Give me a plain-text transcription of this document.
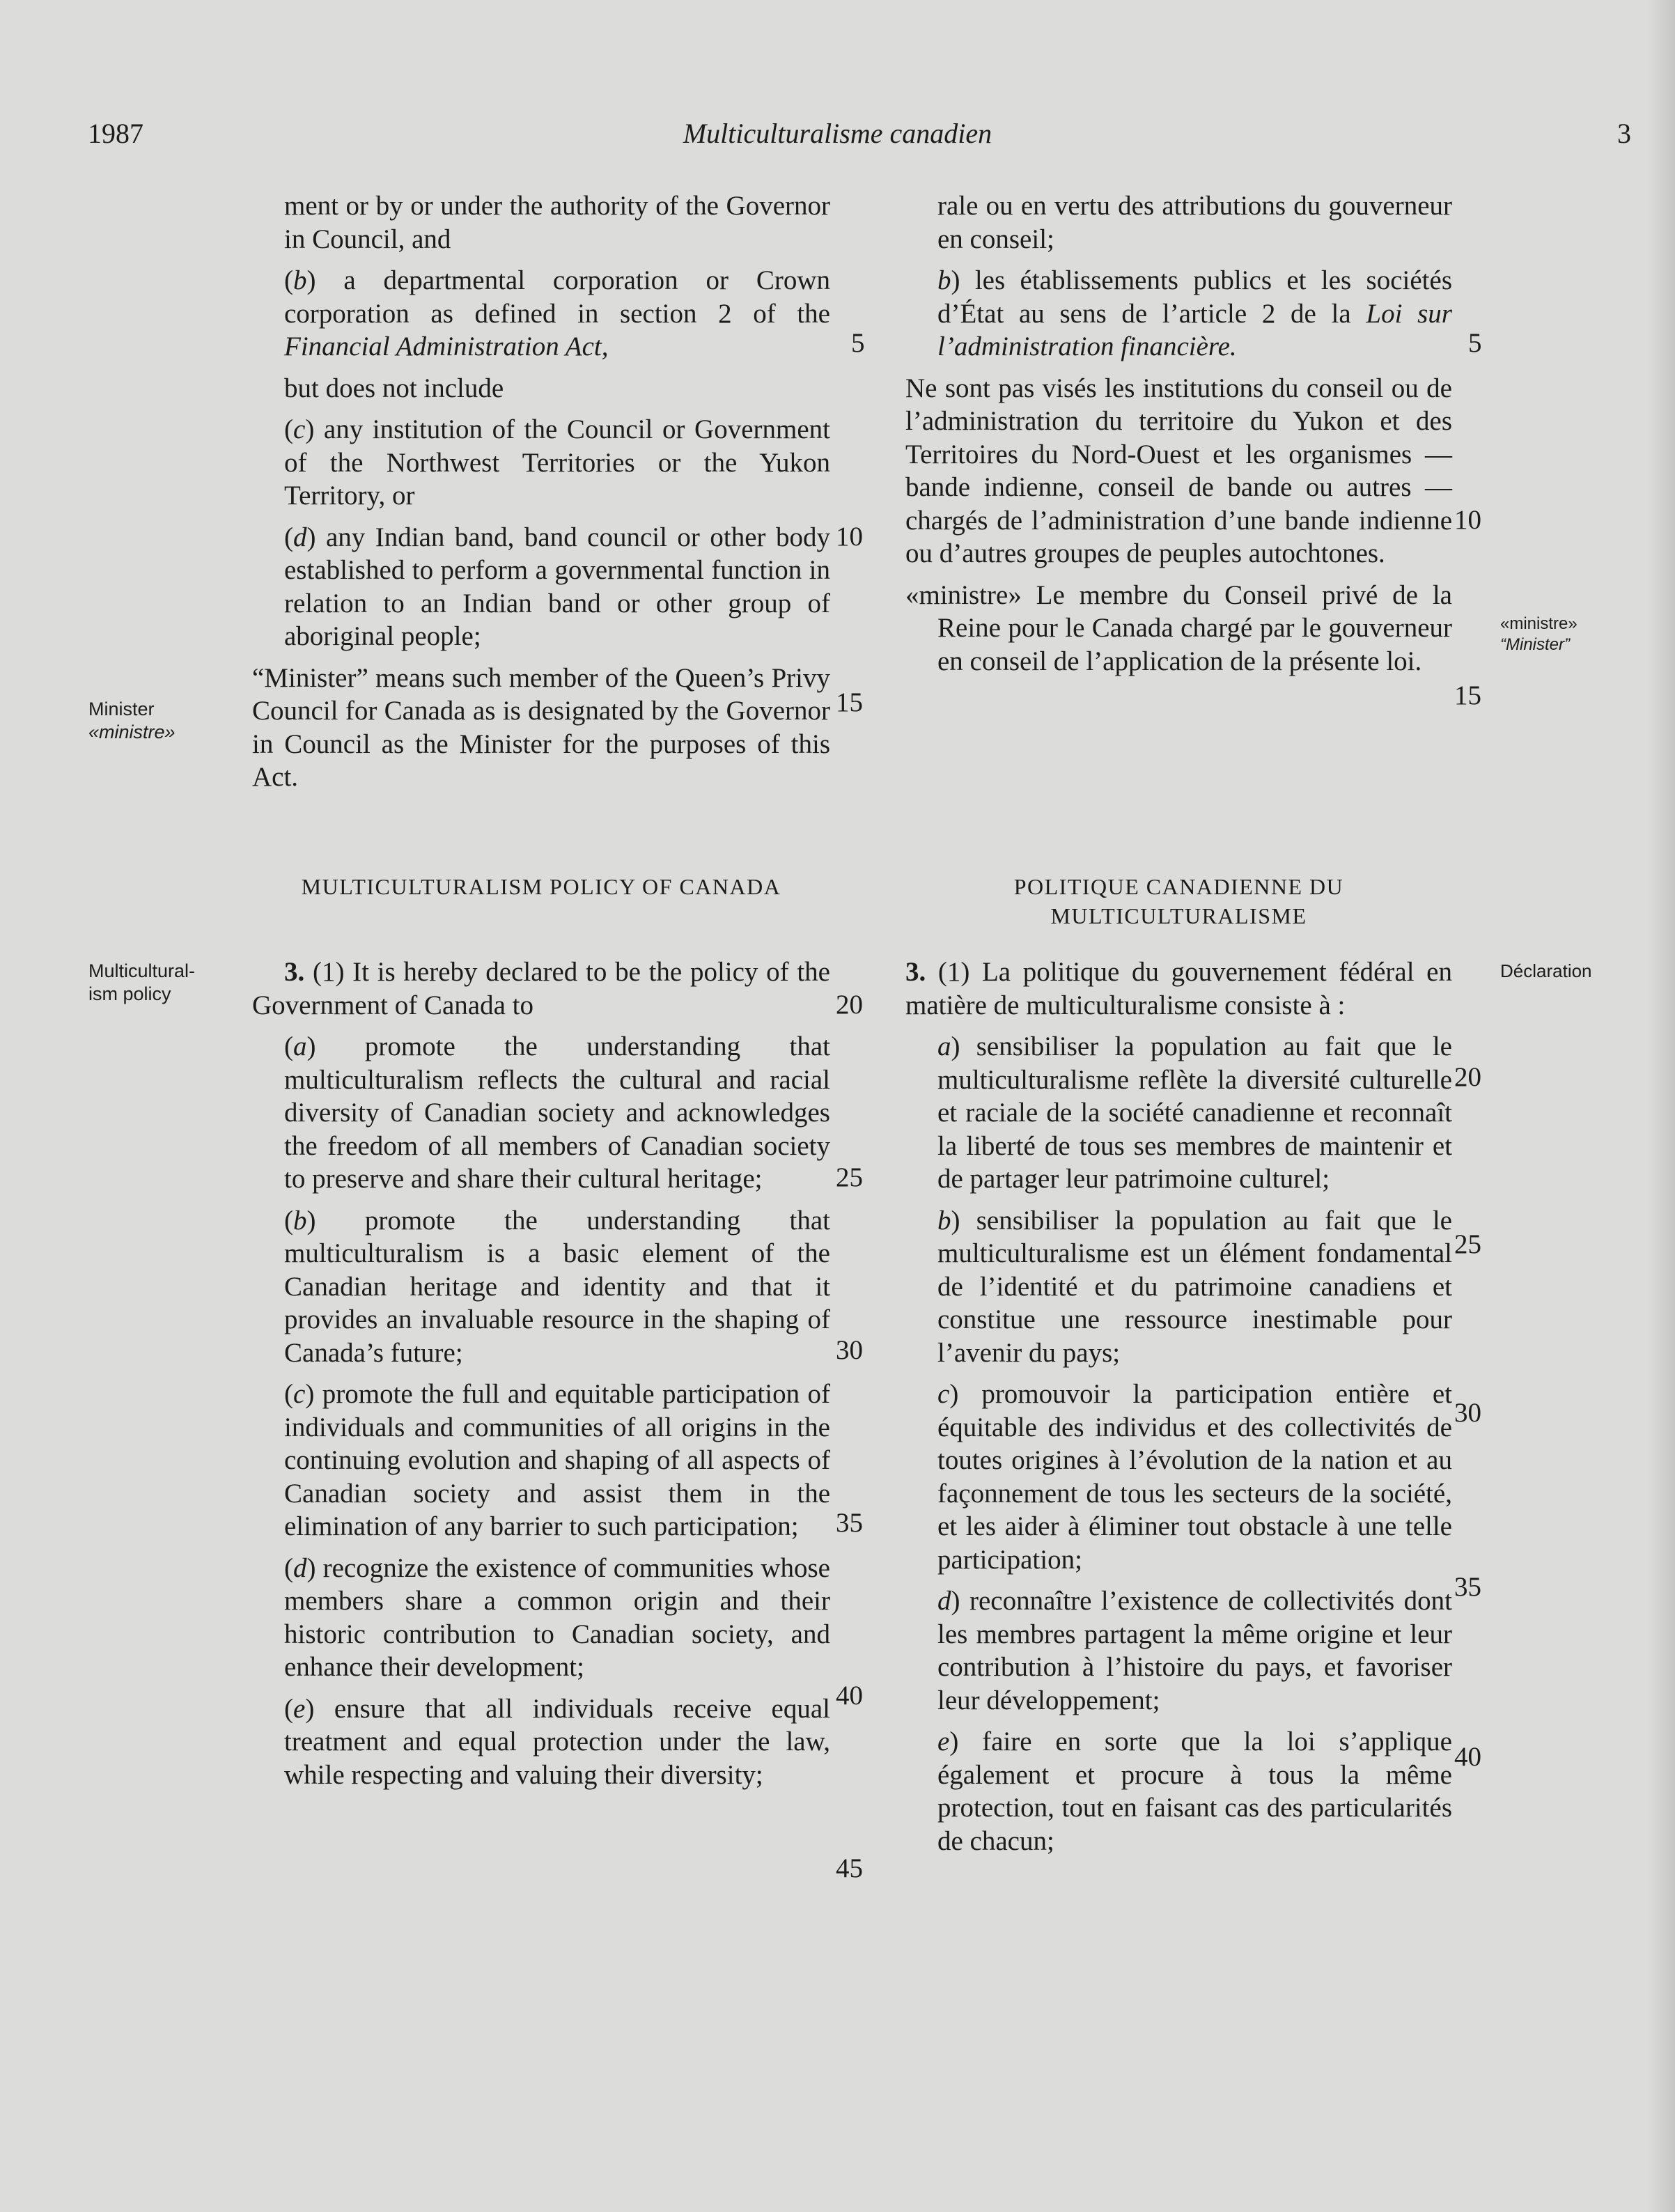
1987	Multiculturalisme canadien	3
Minister
«ministre»
Multicultural-
ism policy
«ministre»
“Minister”
Déclaration

ment or by or under the authority of the Governor in Council, and

(b) a departmental corporation or Crown corporation as defined in section 2 of the Financial Administration Act,

but does not include

(c) any institution of the Council or Government of the Northwest Territories or the Yukon Territory, or

(d) any Indian band, band council or other body established to perform a governmental function in relation to an Indian band or other group of aboriginal people;

“Minister” means such member of the Queen’s Privy Council for Canada as is designated by the Governor in Council as the Minister for the purposes of this Act.

MULTICULTURALISM POLICY OF CANADA

3. (1) It is hereby declared to be the policy of the Government of Canada to

(a) promote the understanding that multiculturalism reflects the cultural and racial diversity of Canadian society and acknowledges the freedom of all members of Canadian society to preserve and share their cultural heritage;

(b) promote the understanding that multiculturalism is a basic element of the Canadian heritage and identity and that it provides an invaluable resource in the shaping of Canada’s future;

(c) promote the full and equitable participation of individuals and communities of all origins in the continuing evolution and shaping of all aspects of Canadian society and assist them in the elimination of any barrier to such participation;

(d) recognize the existence of communities whose members share a common origin and their historic contribution to Canadian society, and enhance their development;

(e) ensure that all individuals receive equal treatment and equal protection under the law, while respecting and valuing their diversity;

rale ou en vertu des attributions du gouverneur en conseil;

b) les établissements publics et les sociétés d’État au sens de l’article 2 de la Loi sur l’administration financière.

Ne sont pas visés les institutions du conseil ou de l’administration du territoire du Yukon et des Territoires du Nord-Ouest et les organismes — bande indienne, conseil de bande ou autres — chargés de l’administration d’une bande indienne ou d’autres groupes de peuples autochtones.

«ministre» Le membre du Conseil privé de la Reine pour le Canada chargé par le gouverneur en conseil de l’application de la présente loi.

POLITIQUE CANADIENNE DU MULTICULTURALISME

3. (1) La politique du gouvernement fédéral en matière de multiculturalisme consiste à :

a) sensibiliser la population au fait que le multiculturalisme reflète la diversité culturelle et raciale de la société canadienne et reconnaît la liberté de tous ses membres de maintenir et de partager leur patrimoine culturel;

b) sensibiliser la population au fait que le multiculturalisme est un élément fondamental de l’identité et du patrimoine canadiens et constitue une ressource inestimable pour l’avenir du pays;

c) promouvoir la participation entière et équitable des individus et des collectivités de toutes origines à l’évolution de la nation et au façonnement de tous les secteurs de la société, et les aider à éliminer tout obstacle à une telle participation;

d) reconnaître l’existence de collectivités dont les membres partagent la même origine et leur contribution à l’histoire du pays, et favoriser leur développement;

e) faire en sorte que la loi s’applique également et procure à tous la même protection, tout en faisant cas des particularités de chacun;

5
10
15
20
25
30
35
40
45
5
10
15
20
25
30
35
40
